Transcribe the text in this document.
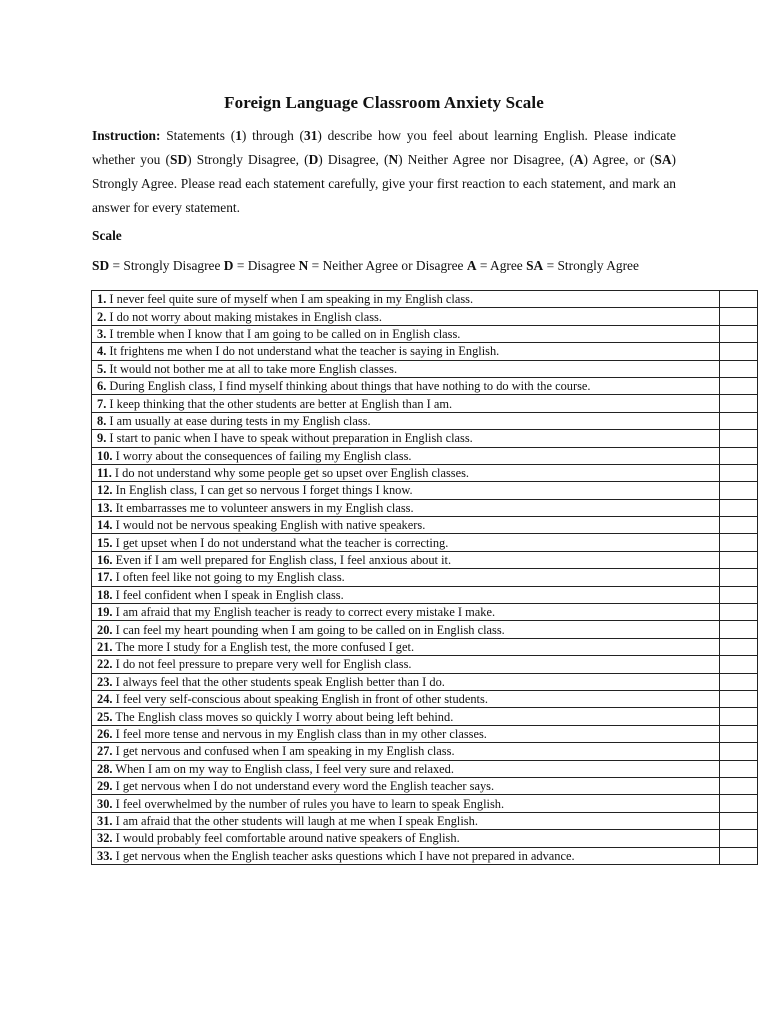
Foreign Language Classroom Anxiety Scale
Instruction: Statements (1) through (31) describe how you feel about learning English. Please indicate whether you (SD) Strongly Disagree, (D) Disagree, (N) Neither Agree nor Disagree, (A) Agree, or (SA) Strongly Agree. Please read each statement carefully, give your first reaction to each statement, and mark an answer for every statement.
Scale
SD = Strongly Disagree D = Disagree N = Neither Agree or Disagree A = Agree SA = Strongly Agree
1. I never feel quite sure of myself when I am speaking in my English class.	
2. I do not worry about making mistakes in English class.	
3. I tremble when I know that I am going to be called on in English class.	
4. It frightens me when I do not understand what the teacher is saying in English.	
5. It would not bother me at all to take more English classes.	
6. During English class, I find myself thinking about things that have nothing to do with the course.	
7. I keep thinking that the other students are better at English than I am.	
8. I am usually at ease during tests in my English class.	
9. I start to panic when I have to speak without preparation in English class.	
10. I worry about the consequences of failing my English class.	
11. I do not understand why some people get so upset over English classes.	
12. In English class, I can get so nervous I forget things I know.	
13. It embarrasses me to volunteer answers in my English class.	
14. I would not be nervous speaking English with native speakers.	
15. I get upset when I do not understand what the teacher is correcting.	
16. Even if I am well prepared for English class, I feel anxious about it.	
17. I often feel like not going to my English class.	
18. I feel confident when I speak in English class.	
19. I am afraid that my English teacher is ready to correct every mistake I make.	
20. I can feel my heart pounding when I am going to be called on in English class.	
21. The more I study for a English test, the more confused I get.	
22. I do not feel pressure to prepare very well for English class.	
23. I always feel that the other students speak English better than I do.	
24. I feel very self-conscious about speaking English in front of other students.	
25. The English class moves so quickly I worry about being left behind.	
26. I feel more tense and nervous in my English class than in my other classes.	
27. I get nervous and confused when I am speaking in my English class.	
28. When I am on my way to English class, I feel very sure and relaxed.	
29. I get nervous when I do not understand every word the English teacher says.	
30. I feel overwhelmed by the number of rules you have to learn to speak English.	
31. I am afraid that the other students will laugh at me when I speak English.	
32. I would probably feel comfortable around native speakers of English.	
33. I get nervous when the English teacher asks questions which I have not prepared in advance.	
